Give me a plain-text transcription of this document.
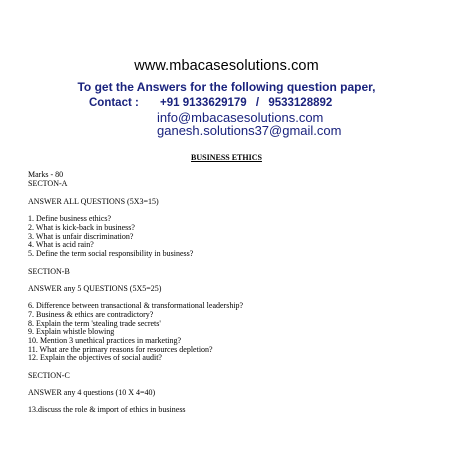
www.mbacasesolutions.com
To get the Answers for the following question paper,
Contact : +91 9133629179 / 9533128892
info@mbacasesolutions.com
ganesh.solutions37@gmail.com
BUSINESS ETHICS
Marks - 80
SECTON-A
ANSWER ALL QUESTIONS (5X3=15)
1. Define business ethics?
2. What is kick-back in business?
3. What is unfair discrimination?
4. What is acid rain?
5. Define the term social responsibility in business?
SECTION-B
ANSWER any 5 QUESTIONS (5X5=25)
6. Difference between transactional & transformational leadership?
7. Business & ethics are contradictory?
8. Explain the term 'stealing trade secrets'
9. Explain whistle blowing
10. Mention 3 unethical practices in marketing?
11. What are the primary reasons for resources depletion?
12. Explain the objectives of social audit?
SECTION-C
ANSWER any 4 questions (10 X 4=40)
13.discuss the role & import of ethics in business
